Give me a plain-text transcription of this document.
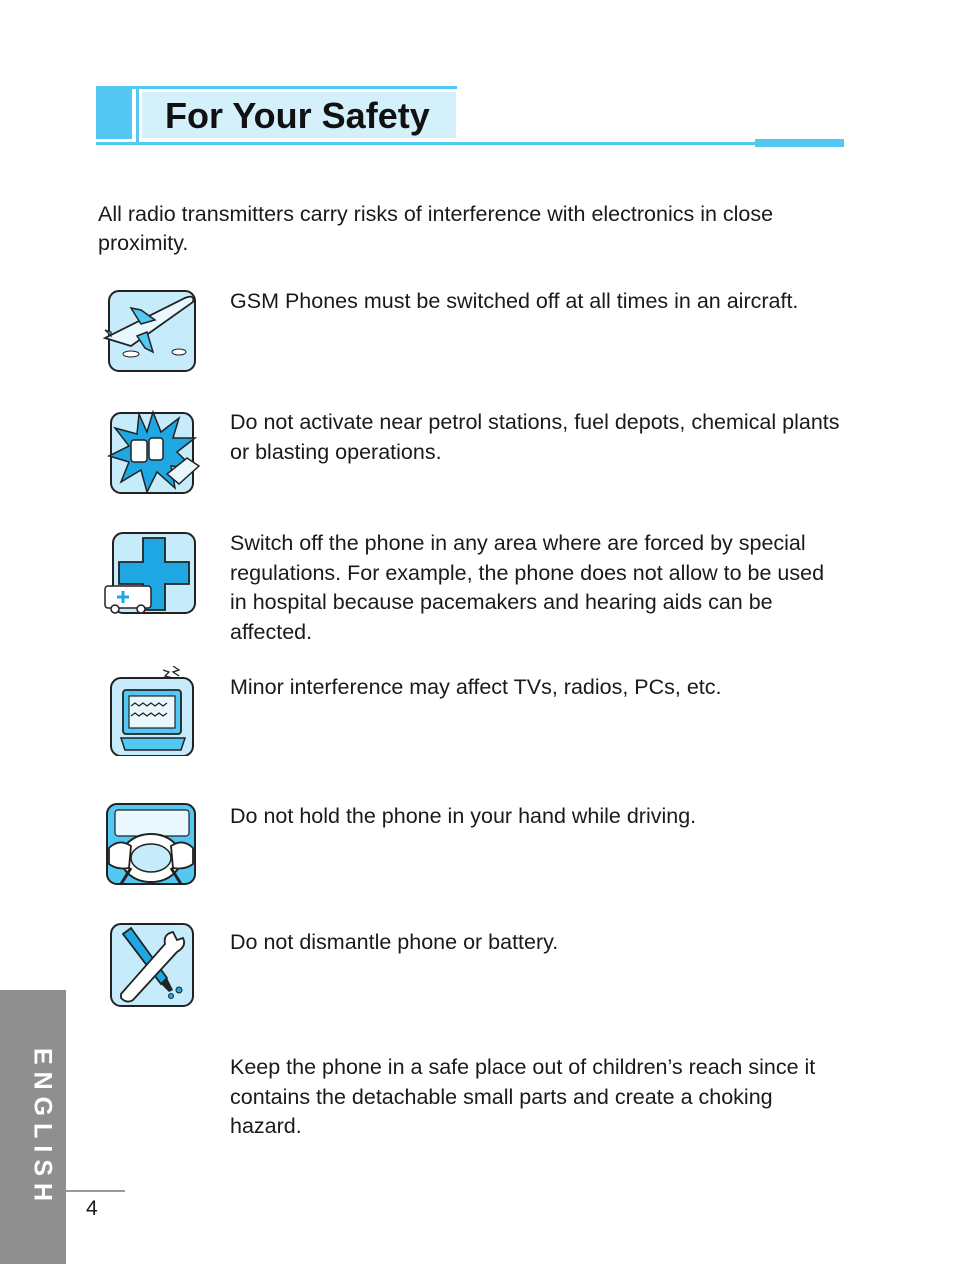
For Your Safety
All radio transmitters carry risks of interference with electronics in close proximity.
GSM Phones must be switched off at all times in an aircraft.
Do not activate near petrol stations, fuel depots, chemical plants or blasting operations.
Switch off the phone in any area where are forced by special regulations. For example, the phone does not allow to be used in hospital because pacemakers and hearing aids can be affected.
Minor interference may affect TVs, radios, PCs, etc.
Do not hold the phone in your hand while driving.
Do not dismantle phone or battery.
Keep the phone in a safe place out of children’s reach since it contains the detachable small parts and create a choking hazard.
ENGLISH
4
